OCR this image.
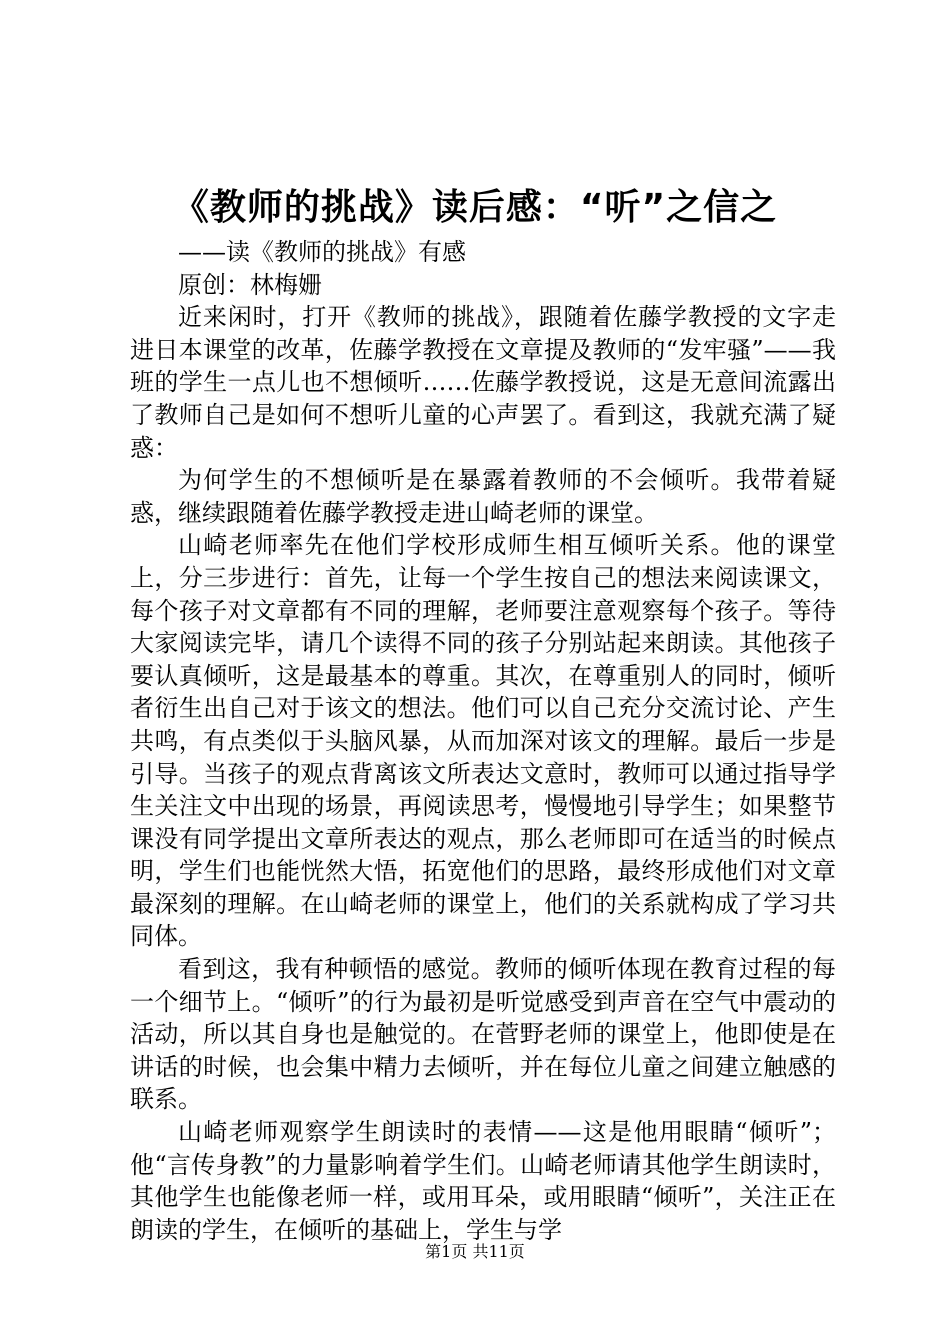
《教师的挑战》读后感：“听”之信之

——读《教师的挑战》有感

原创：林梅姗

近来闲时，打开《教师的挑战》，跟随着佐藤学教授的文字走进日本课堂的改革，佐藤学教授在文章提及教师的“发牢骚”——我班的学生一点儿也不想倾听……佐藤学教授说，这是无意间流露出了教师自己是如何不想听儿童的心声罢了。看到这，我就充满了疑惑：

为何学生的不想倾听是在暴露着教师的不会倾听。我带着疑惑，继续跟随着佐藤学教授走进山崎老师的课堂。

山崎老师率先在他们学校形成师生相互倾听关系。他的课堂上，分三步进行：首先，让每一个学生按自己的想法来阅读课文，每个孩子对文章都有不同的理解，老师要注意观察每个孩子。等待大家阅读完毕，请几个读得不同的孩子分别站起来朗读。其他孩子要认真倾听，这是最基本的尊重。其次，在尊重别人的同时，倾听者衍生出自己对于该文的想法。他们可以自己充分交流讨论、产生共鸣，有点类似于头脑风暴，从而加深对该文的理解。最后一步是引导。当孩子的观点背离该文所表达文意时，教师可以通过指导学生关注文中出现的场景，再阅读思考，慢慢地引导学生；如果整节课没有同学提出文章所表达的观点，那么老师即可在适当的时候点明，学生们也能恍然大悟，拓宽他们的思路，最终形成他们对文章最深刻的理解。在山崎老师的课堂上，他们的关系就构成了学习共同体。

看到这，我有种顿悟的感觉。教师的倾听体现在教育过程的每一个细节上。“倾听”的行为最初是听觉感受到声音在空气中震动的活动，所以其自身也是触觉的。在菅野老师的课堂上，他即使是在讲话的时候，也会集中精力去倾听，并在每位儿童之间建立触感的联系。

山崎老师观察学生朗读时的表情——这是他用眼睛“倾听”；他“言传身教”的力量影响着学生们。山崎老师请其他学生朗读时，其他学生也能像老师一样，或用耳朵，或用眼睛“倾听”，关注正在朗读的学生，在倾听的基础上，学生与学

第1页 共11页
